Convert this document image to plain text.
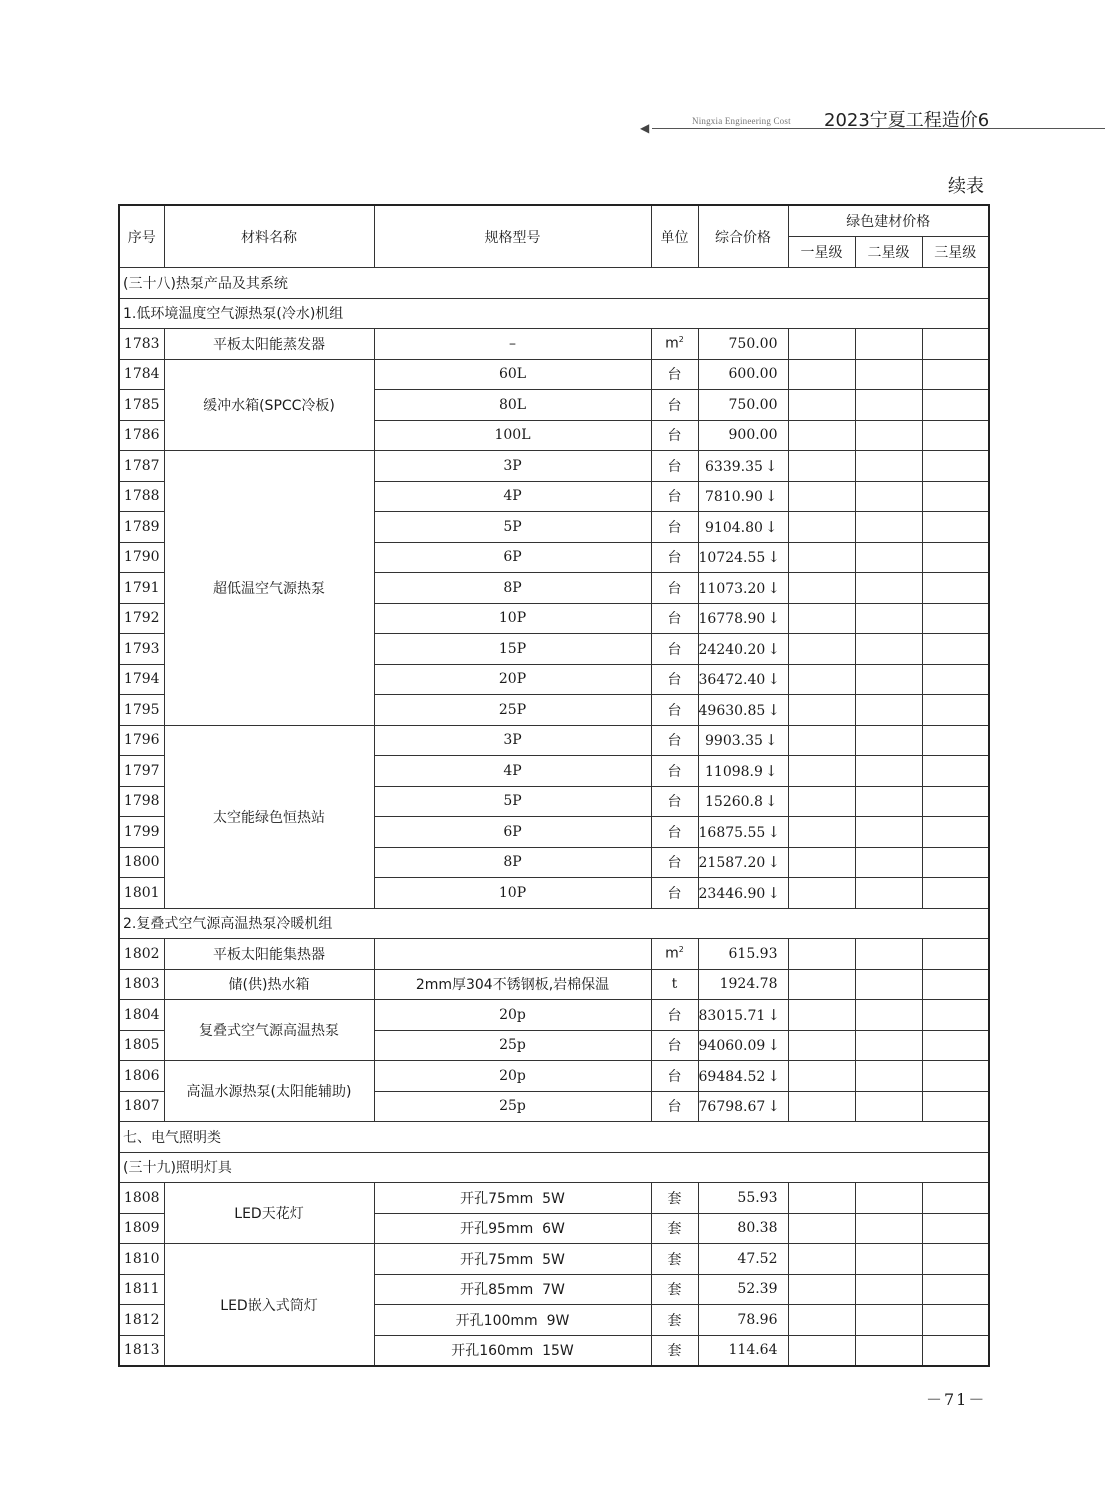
◀	Ningxia Engineering Cost 2023宁夏工程造价6
续表
序号	材料名称	规格型号	单位	综合价格	绿色建材价格		
					一星级	二星级	三星级
(三十八)热泵产品及其系统							
1.低环境温度空气源热泵(冷水)机组							
1783	平板太阳能蒸发器	–	$m^2$	750.00			
1784	缓冲水箱(SPCC冷板)	60L	台	600.00			
1785		80L	台	750.00			
1786		100L	台	900.00			
1787	超低温空气源热泵	3P	台	6339.35 ↓			
1788		4P	台	7810.90 ↓			
1789		5P	台	9104.80 ↓			
1790		6P	台	10724.55 ↓			
1791		8P	台	11073.20 ↓			
1792		10P	台	16778.90 ↓			
1793		15P	台	24240.20 ↓			
1794		20P	台	36472.40 ↓			
1795		25P	台	49630.85 ↓			
1796	太空能绿色恒热站	3P	台	9903.35 ↓			
1797		4P	台	11098.9 ↓			
1798		5P	台	15260.8 ↓			
1799		6P	台	16875.55 ↓			
1800		8P	台	21587.20 ↓			
1801		10P	台	23446.90 ↓			
2.复叠式空气源高温热泵冷暖机组							
1802	平板太阳能集热器		$m^2$	615.93			
1803	储(供)热水箱	2mm厚304不锈钢板,岩棉保温	t	1924.78			
1804	复叠式空气源高温热泵	20p	台	83015.71 ↓			
1805		25p	台	94060.09 ↓			
1806	高温水源热泵(太阳能辅助)	20p	台	69484.52 ↓			
1807		25p	台	76798.67 ↓			
七、电气照明类							
(三十九)照明灯具							
1808	LED天花灯	开孔75mm  5W	套	55.93			
1809		开孔95mm  6W	套	80.38			
1810	LED嵌入式筒灯	开孔75mm  5W	套	47.52			
1811		开孔85mm  7W	套	52.39			
1812		开孔100mm  9W	套	78.96			
1813		开孔160mm  15W	套	114.64			
－71－
